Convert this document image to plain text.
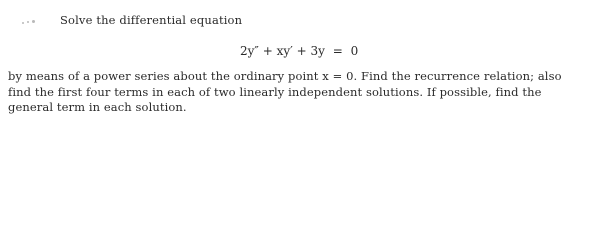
Solve the differential equation
2y″ + xy′ + 3y = 0
by means of a power series about the ordinary point x = 0. Find the recurrence relation; also
find the first four terms in each of two linearly independent solutions. If possible, find the
general term in each solution.
